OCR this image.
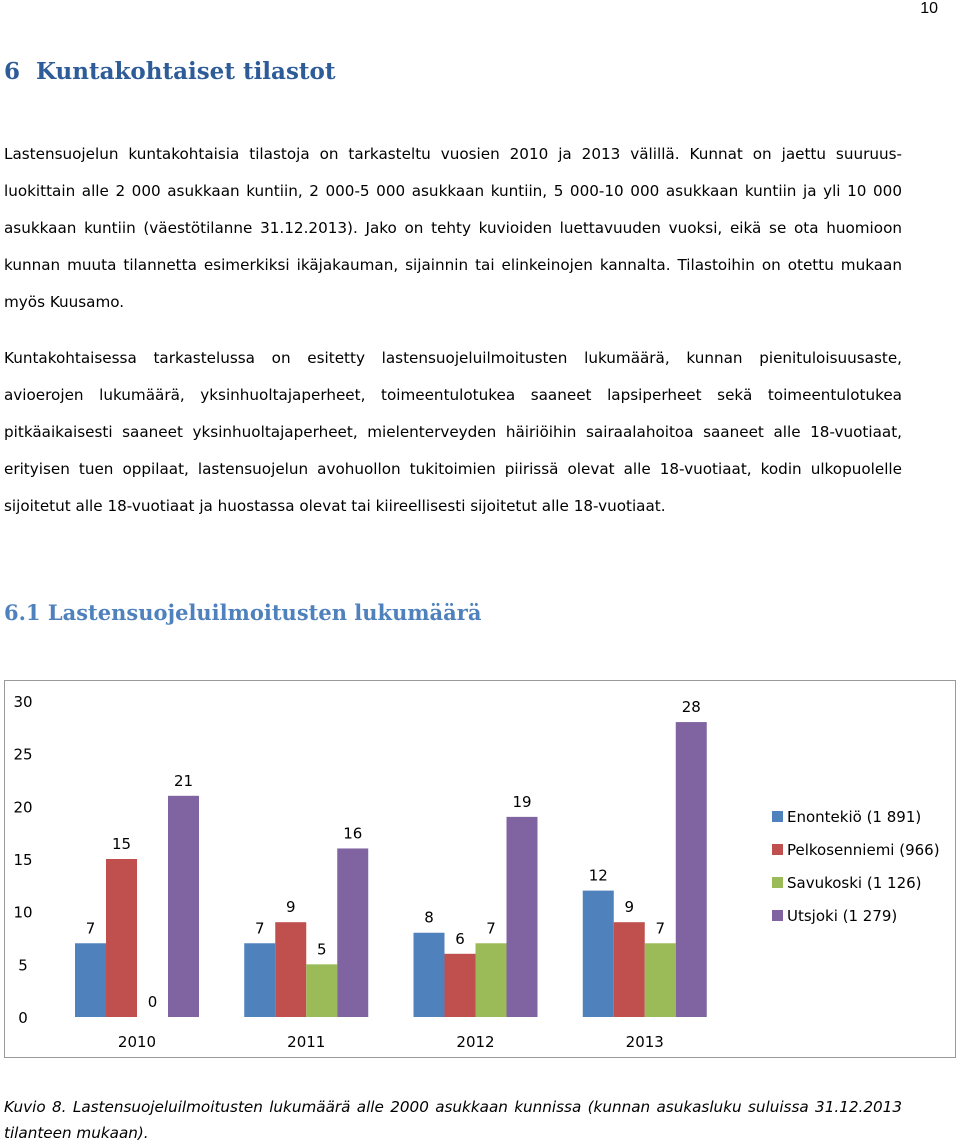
10
6 Kuntakohtaiset tilastot

Lastensuojelun kuntakohtaisia tilastoja on tarkasteltu vuosien 2010 ja 2013 välillä. Kunnat on jaettu suuruus-luokittain alle 2 000 asukkaan kuntiin, 2 000-5 000 asukkaan kuntiin, 5 000-10 000 asukkaan kuntiin ja yli 10 000 asukkaan kuntiin (väestötilanne 31.12.2013). Jako on tehty kuvioiden luettavuuden vuoksi, eikä se ota huomioon kunnan muuta tilannetta esimerkiksi ikäjakauman, sijainnin tai elinkeinojen kannalta. Tilastoihin on otettu mukaan myös Kuusamo.

Kuntakohtaisessa tarkastelussa on esitetty lastensuojeluilmoitusten lukumäärä, kunnan pienituloisuusaste, avioerojen lukumäärä, yksinhuoltajaperheet, toimeentulotukea saaneet lapsiperheet sekä toimeentulotukea pitkäaikaisesti saaneet yksinhuoltajaperheet, mielenterveyden häiriöihin sairaalahoitoa saaneet alle 18-vuotiaat, erityisen tuen oppilaat, lastensuojelun avohuollon tukitoimien piirissä olevat alle 18-vuotiaat, kodin ulkopuolelle sijoitetut alle 18-vuotiaat ja huostassa olevat tai kiireellisesti sijoitetut alle 18-vuotiaat.

6.1 Lastensuojeluilmoitusten lukumäärä
0
5
10
15
20
25
30
7
15
0
21
2010
7
9
5
16
2011
8
6
7
19
2012
12
9
7
28
2013
Enontekiö (1 891)
Pelkosenniemi (966)
Savukoski (1 126)
Utsjoki (1 279)

Kuvio 8. Lastensuojeluilmoitusten lukumäärä alle 2000 asukkaan kunnissa (kunnan asukasluku suluissa 31.12.2013 tilanteen mukaan).
